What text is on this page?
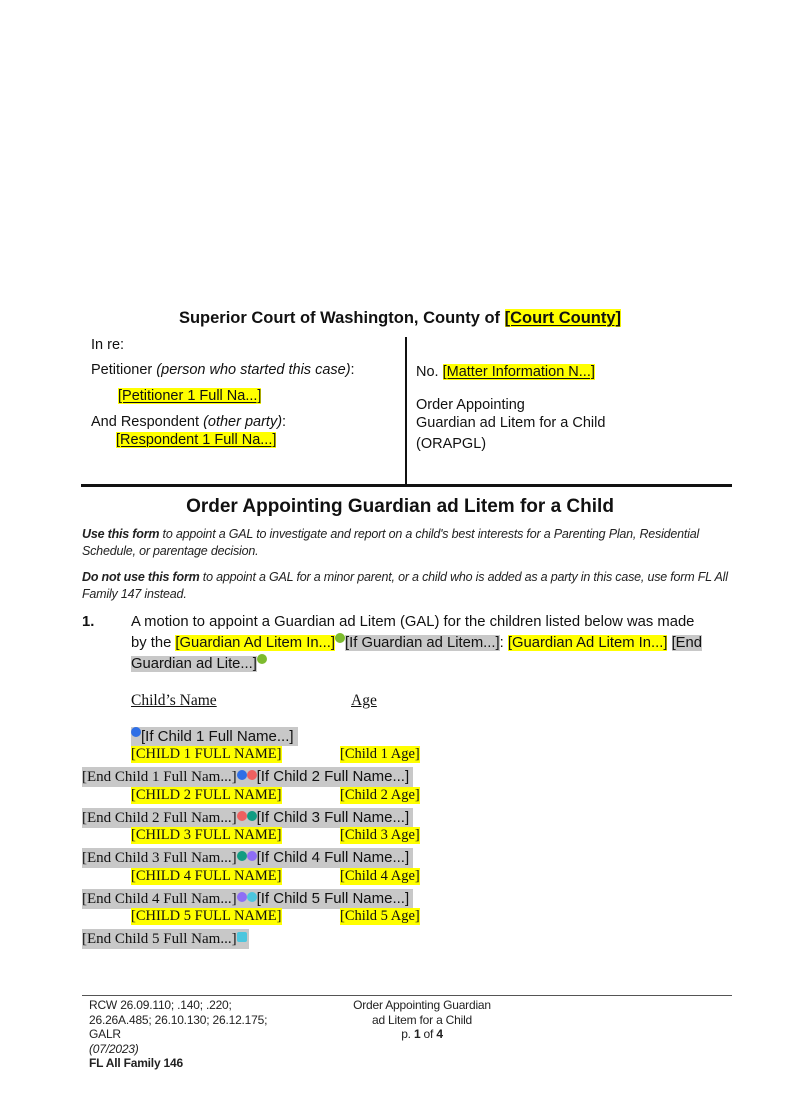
Superior Court of Washington, County of [Court County]
In re:
Petitioner (person who started this case):
[Petitioner 1 Full Na...]
And Respondent (other party):
[Respondent 1 Full Na...]
No. [Matter Information N...]
Order Appointing
Guardian ad Litem for a Child
(ORAPGL)
Order Appointing Guardian ad Litem for a Child
Use this form to appoint a GAL to investigate and report on a child's best interests for a Parenting Plan, Residential Schedule, or parentage decision.
Do not use this form to appoint a GAL for a minor parent, or a child who is added as a party in this case, use form FL All Family 147 instead.
1. A motion to appoint a Guardian ad Litem (GAL) for the children listed below was made
by the [Guardian Ad Litem In...] [If Guardian ad Litem...]: [Guardian Ad Litem In...] [End
Guardian ad Lite...]
Child’s Name	Age
[If Child 1 Full Name...]
[CHILD 1 FULL NAME]	[Child 1 Age]
[End Child 1 Full Nam...] [If Child 2 Full Name...]
[CHILD 2 FULL NAME]	[Child 2 Age]
[End Child 2 Full Nam...] [If Child 3 Full Name...]
[CHILD 3 FULL NAME]	[Child 3 Age]
[End Child 3 Full Nam...] [If Child 4 Full Name...]
[CHILD 4 FULL NAME]	[Child 4 Age]
[End Child 4 Full Nam...] [If Child 5 Full Name...]
[CHILD 5 FULL NAME]	[Child 5 Age]
[End Child 5 Full Nam...]
RCW 26.09.110; .140; .220;
26.26A.485; 26.10.130; 26.12.175;
GALR
(07/2023)
FL All Family 146
Order Appointing Guardian
ad Litem for a Child
p. 1 of 4
